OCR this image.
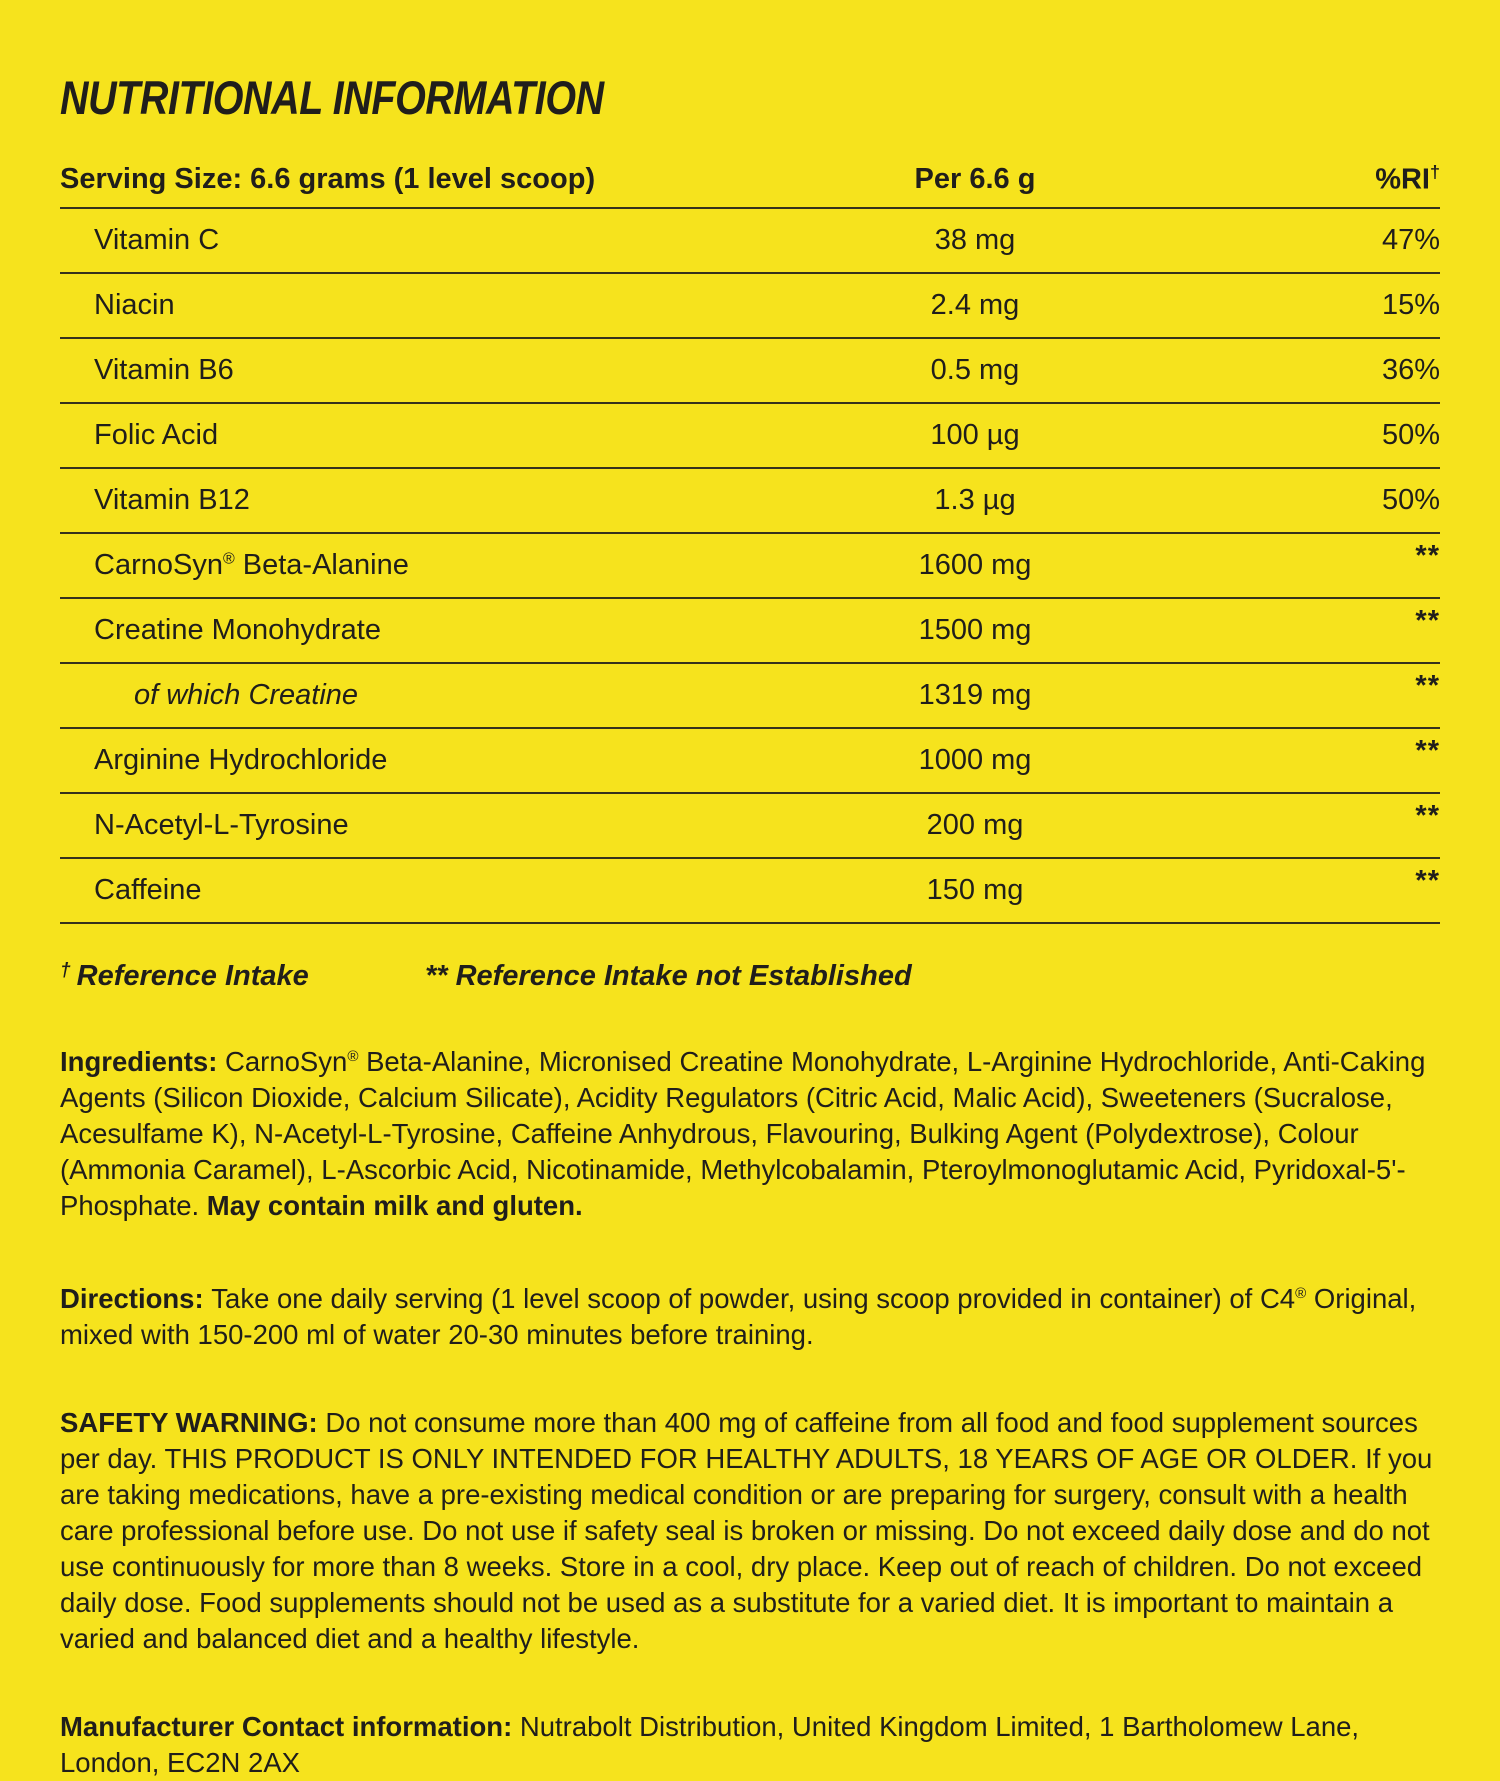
NUTRITIONAL INFORMATION
Serving Size: 6.6 grams (1 level scoop)	Per 6.6 g	%RI†
Vitamin C	38 mg	47%
Niacin	2.4 mg	15%
Vitamin B6	0.5 mg	36%
Folic Acid	100 µg	50%
Vitamin B12	1.3 µg	50%
CarnoSyn® Beta-Alanine	1600 mg	**
Creatine Monohydrate	1500 mg	**
of which Creatine	1319 mg	**
Arginine Hydrochloride	1000 mg	**
N-Acetyl-L-Tyrosine	200 mg	**
Caffeine	150 mg	**
† Reference Intake	** Reference Intake not Established

Ingredients: CarnoSyn® Beta-Alanine, Micronised Creatine Monohydrate, L-Arginine Hydrochloride, Anti-Caking Agents (Silicon Dioxide, Calcium Silicate), Acidity Regulators (Citric Acid, Malic Acid), Sweeteners (Sucralose, Acesulfame K), N-Acetyl-L-Tyrosine, Caffeine Anhydrous, Flavouring, Bulking Agent (Polydextrose), Colour (Ammonia Caramel), L-Ascorbic Acid, Nicotinamide, Methylcobalamin, Pteroylmonoglutamic Acid, Pyridoxal-5'-Phosphate. May contain milk and gluten.

Directions: Take one daily serving (1 level scoop of powder, using scoop provided in container) of C4® Original, mixed with 150-200 ml of water 20-30 minutes before training.

SAFETY WARNING: Do not consume more than 400 mg of caffeine from all food and food supplement sources per day. THIS PRODUCT IS ONLY INTENDED FOR HEALTHY ADULTS, 18 YEARS OF AGE OR OLDER. If you are taking medications, have a pre-existing medical condition or are preparing for surgery, consult with a health care professional before use. Do not use if safety seal is broken or missing. Do not exceed daily dose and do not use continuously for more than 8 weeks. Store in a cool, dry place. Keep out of reach of children. Do not exceed daily dose. Food supplements should not be used as a substitute for a varied diet. It is important to maintain a varied and balanced diet and a healthy lifestyle.

Manufacturer Contact information: Nutrabolt Distribution, United Kingdom Limited, 1 Bartholomew Lane, London, EC2N 2AX
